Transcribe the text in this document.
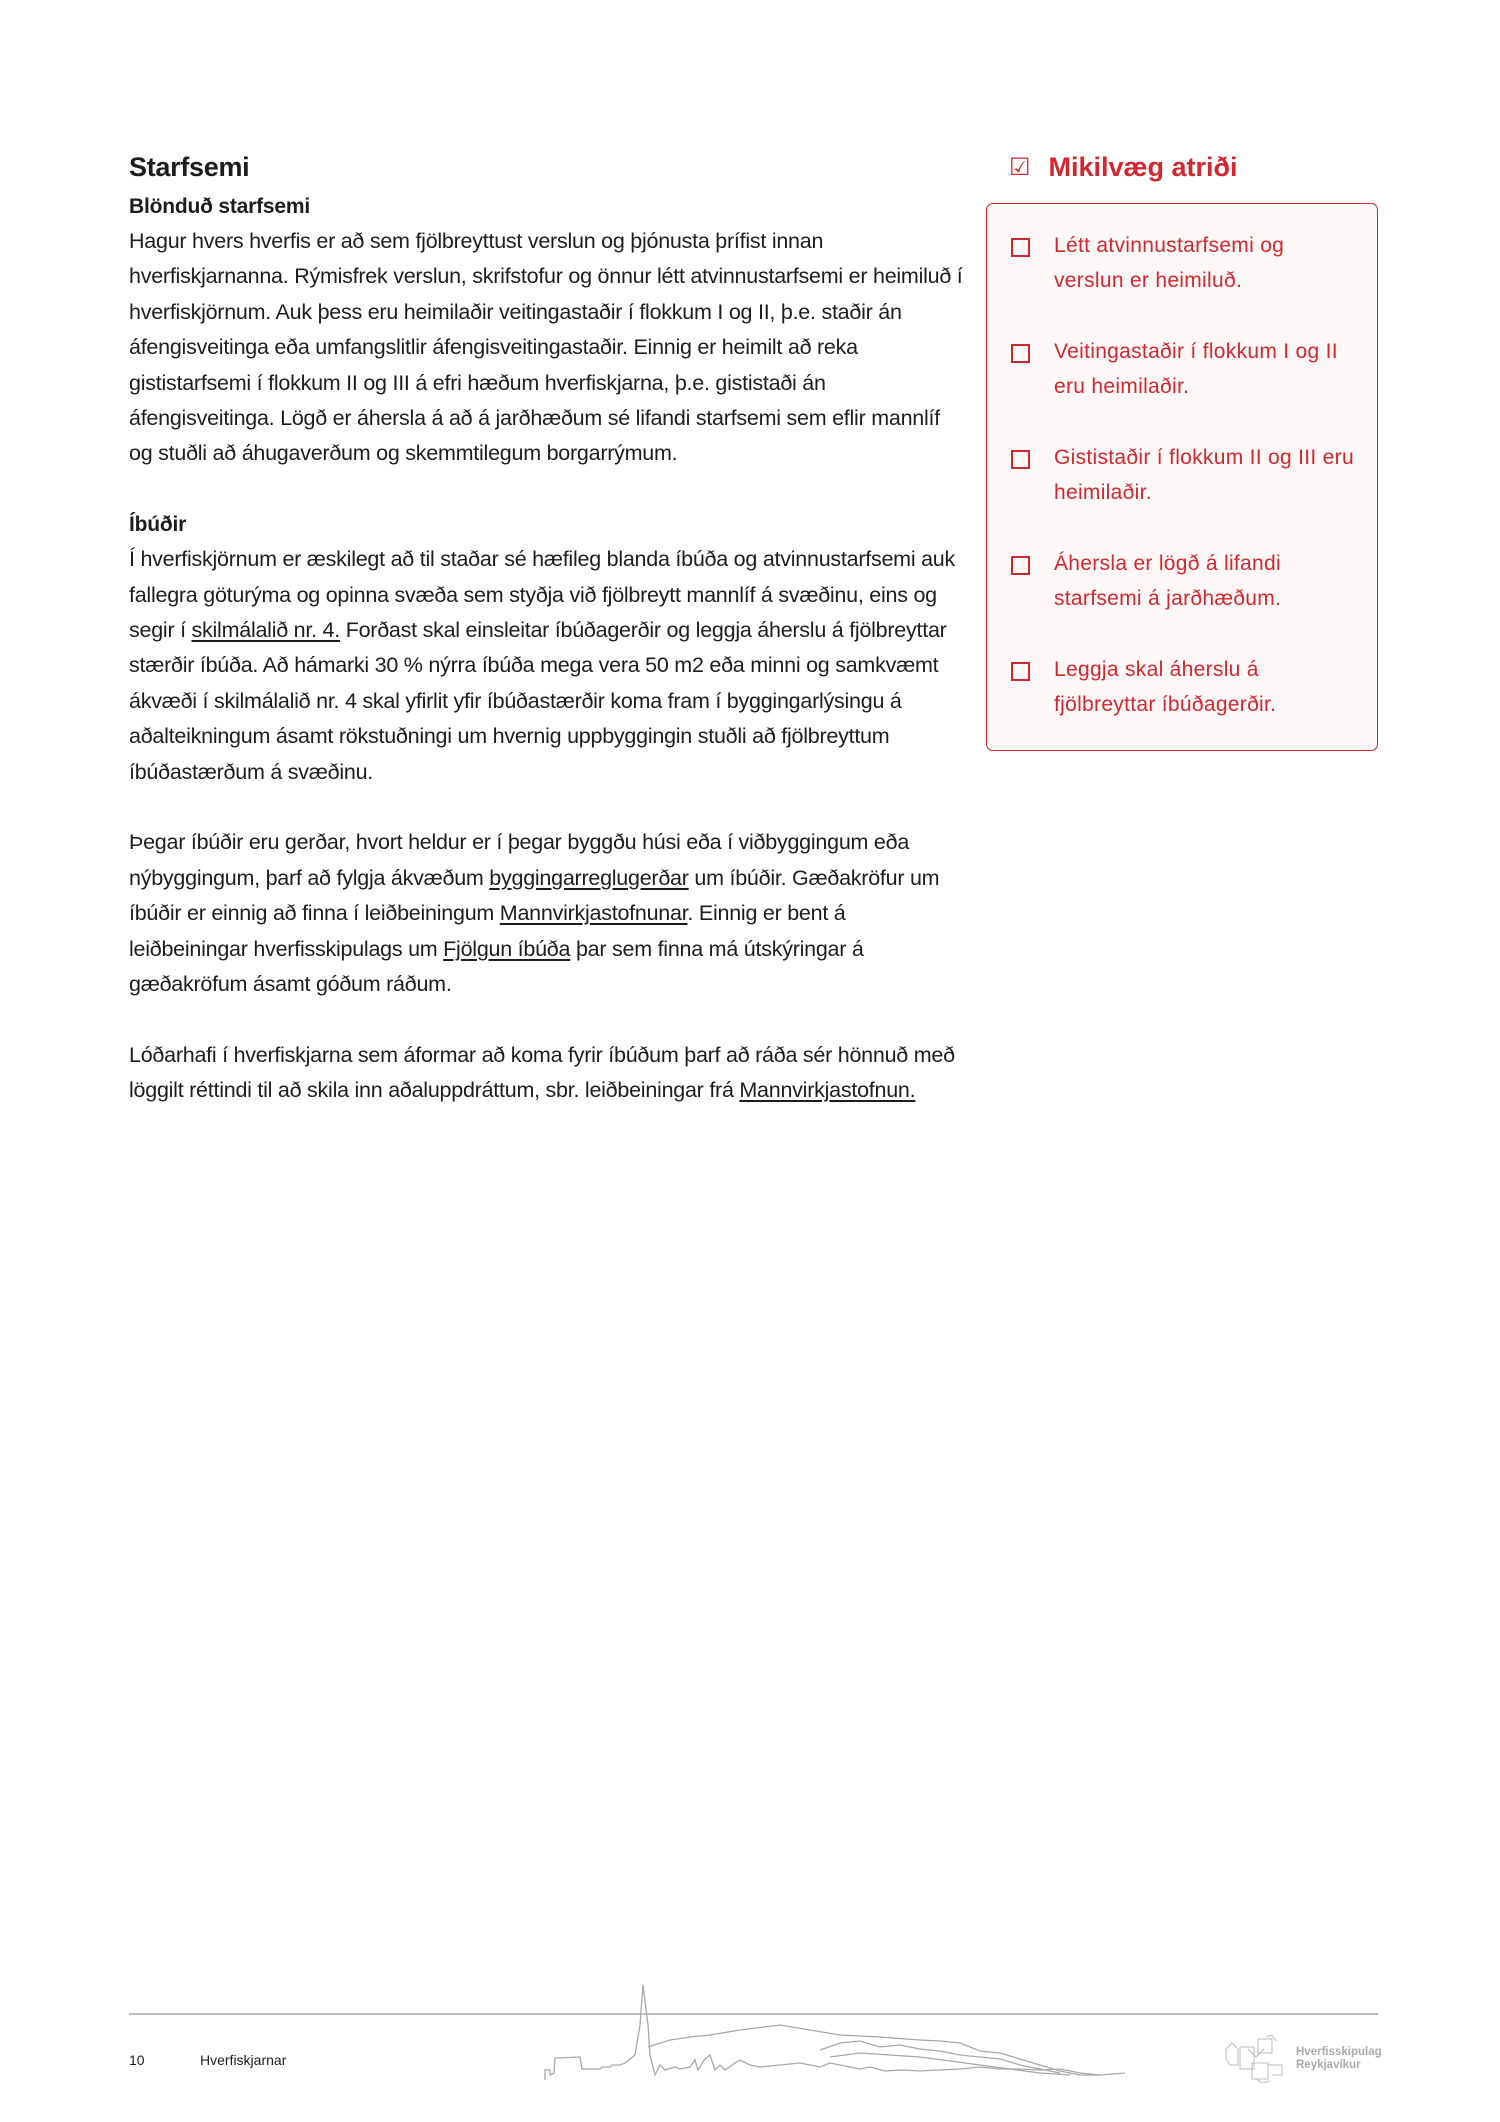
Starfsemi
Blönduð starfsemi

Hagur hvers hverfis er að sem fjölbreyttust verslun og þjónusta þrífist innan hverfiskjarnanna. Rýmisfrek verslun, skrifstofur og önnur létt atvinnustarfsemi er heimiluð í hverfiskjörnum. Auk þess eru heimilaðir veitingastaðir í flokkum I og II, þ.e. staðir án áfengisveitinga eða umfangslitlir áfengisveitingastaðir. Einnig er heimilt að reka gististarfsemi í flokkum II og III á efri hæðum hverfiskjarna, þ.e. gististaði án áfengisveitinga. Lögð er áhersla á að á jarðhæðum sé lifandi starfsemi sem eflir mannlíf og stuðli að áhugaverðum og skemmtilegum borgarrýmum.

Íbúðir

Í hverfiskjörnum er æskilegt að til staðar sé hæfileg blanda íbúða og atvinnustarfsemi auk fallegra göturýma og opinna svæða sem styðja við fjölbreytt mannlíf á svæðinu, eins og segir í skilmálalið nr. 4. Forðast skal einsleitar íbúðagerðir og leggja áherslu á fjölbreyttar stærðir íbúða. Að hámarki 30 % nýrra íbúða mega vera 50 m2 eða minni og samkvæmt ákvæði í skilmálalið nr. 4 skal yfirlit yfir íbúðastærðir koma fram í byggingarlýsingu á aðalteikningum ásamt rökstuðningi um hvernig uppbyggingin stuðli að fjölbreyttum íbúðastærðum á svæðinu.

Þegar íbúðir eru gerðar, hvort heldur er í þegar byggðu húsi eða í viðbyggingum eða nýbyggingum, þarf að fylgja ákvæðum byggingarreglugerðar um íbúðir. Gæðakröfur um íbúðir er einnig að finna í leiðbeiningum Mannvirkjastofnunar. Einnig er bent á leiðbeiningar hverfisskipulags um Fjölgun íbúða þar sem finna má útskýringar á gæðakröfum ásamt góðum ráðum.

Lóðarhafi í hverfiskjarna sem áformar að koma fyrir íbúðum þarf að ráða sér hönnuð með löggilt réttindi til að skila inn aðaluppdráttum, sbr. leiðbeiningar frá Mannvirkjastofnun.

☑ Mikilvæg atriði
Létt atvinnustarfsemi og verslun er heimiluð.
Veitingastaðir í flokkum I og II eru heimilaðir.
Gististaðir í flokkum II og III eru heimilaðir.
Áhersla er lögð á lifandi starfsemi á jarðhæðum.
Leggja skal áherslu á fjölbreyttar íbúðagerðir.
10	Hverfiskjarnar	Hverfisskipulag
Reykjavíkur
